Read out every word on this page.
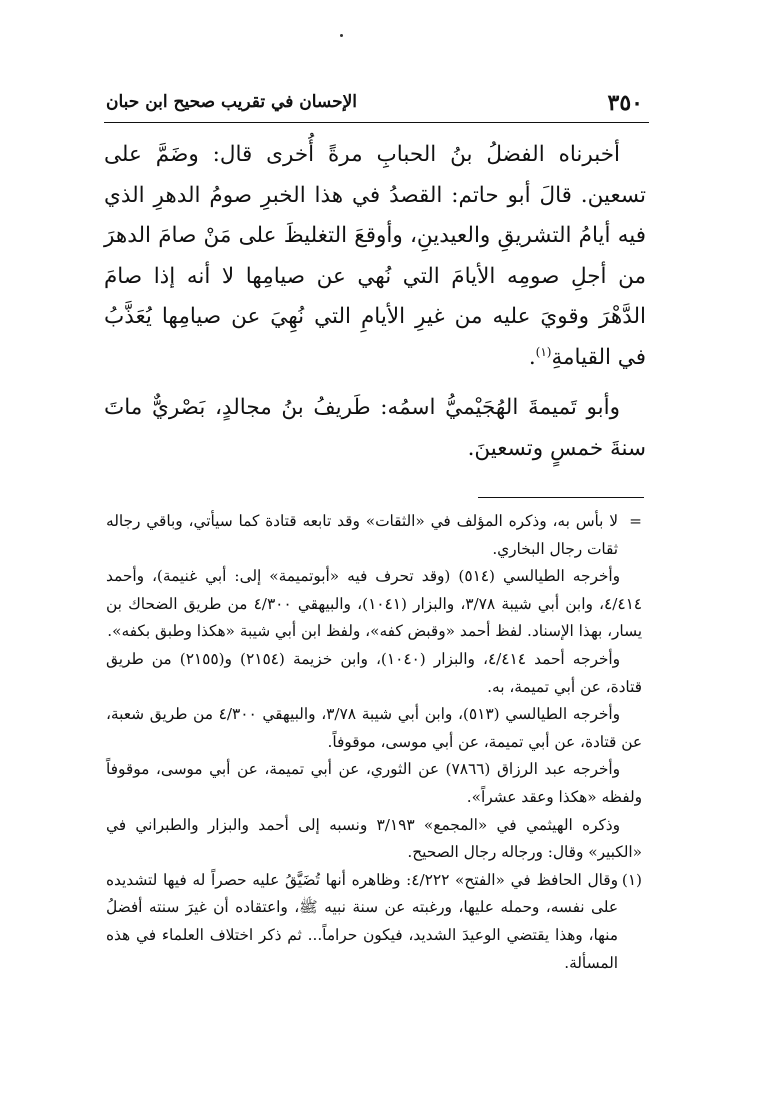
٣٥٠
الإحسان في تقريب صحيح ابن حبان

أخبرناه الفضلُ بنُ الحبابِ مرةً أُخرى قال: وضَمَّ على تسعين. قالَ أبو حاتم: القصدُ في هذا الخبرِ صومُ الدهرِ الذي فيه أيامُ التشريقِ والعيدينِ، وأوقعَ التغليظَ على مَنْ صامَ الدهرَ من أجلِ صومِه الأيامَ التي نُهي عن صيامِها لا أنه إذا صامَ الدَّهْرَ وقويَ عليه من غيرِ الأيامِ التي نُهِيَ عن صيامِها يُعَذَّبُ في القيامةِ$^{(١)}$.

وأبو تَميمةَ الهُجَيْميُّ اسمُه: طَريفُ بنُ مجالدٍ، بَصْريٌّ ماتَ سنةَ خمسٍ وتسعينَ.

=
لا بأس به، وذكره المؤلف في «الثقات» وقد تابعه قتادة كما سيأتي، وباقي رجاله ثقات رجال البخاري.

وأخرجه الطيالسي (٥١٤) (وقد تحرف فيه «أبوتميمة» إلى: أبي غنيمة)، وأحمد ٤/٤١٤، وابن أبي شيبة ٣/٧٨، والبزار (١٠٤١)، والبيهقي ٤/٣٠٠ من طريق الضحاك بن يسار، بهذا الإسناد. لفظ أحمد «وقبض كفه»، ولفظ ابن أبي شيبة «هكذا وطبق بكفه».

وأخرجه أحمد ٤/٤١٤، والبزار (١٠٤٠)، وابن خزيمة (٢١٥٤) و(٢١٥٥) من طريق قتادة، عن أبي تميمة، به.

وأخرجه الطيالسي (٥١٣)، وابن أبي شيبة ٣/٧٨، والبيهقي ٤/٣٠٠ من طريق شعبة، عن قتادة، عن أبي تميمة، عن أبي موسى، موقوفاً.

وأخرجه عبد الرزاق (٧٨٦٦) عن الثوري، عن أبي تميمة، عن أبي موسى، موقوفاً ولفظه «هكذا وعقد عشراً».

وذكره الهيثمي في «المجمع» ٣/١٩٣ ونسبه إلى أحمد والبزار والطبراني في «الكبير» وقال: ورجاله رجال الصحيح.

(١)
وقال الحافظ في «الفتح» ٤/٢٢٢: وظاهره أنها تُضَيَّقُ عليه حصراً له فيها لتشديده على نفسه، وحمله عليها، ورغبته عن سنة نبيه ﷺ، واعتقاده أن غيرَ سنته أفضلُ منها، وهذا يقتضي الوعيدَ الشديد، فيكون حراماً... ثم ذكر اختلاف العلماء في هذه المسألة.
